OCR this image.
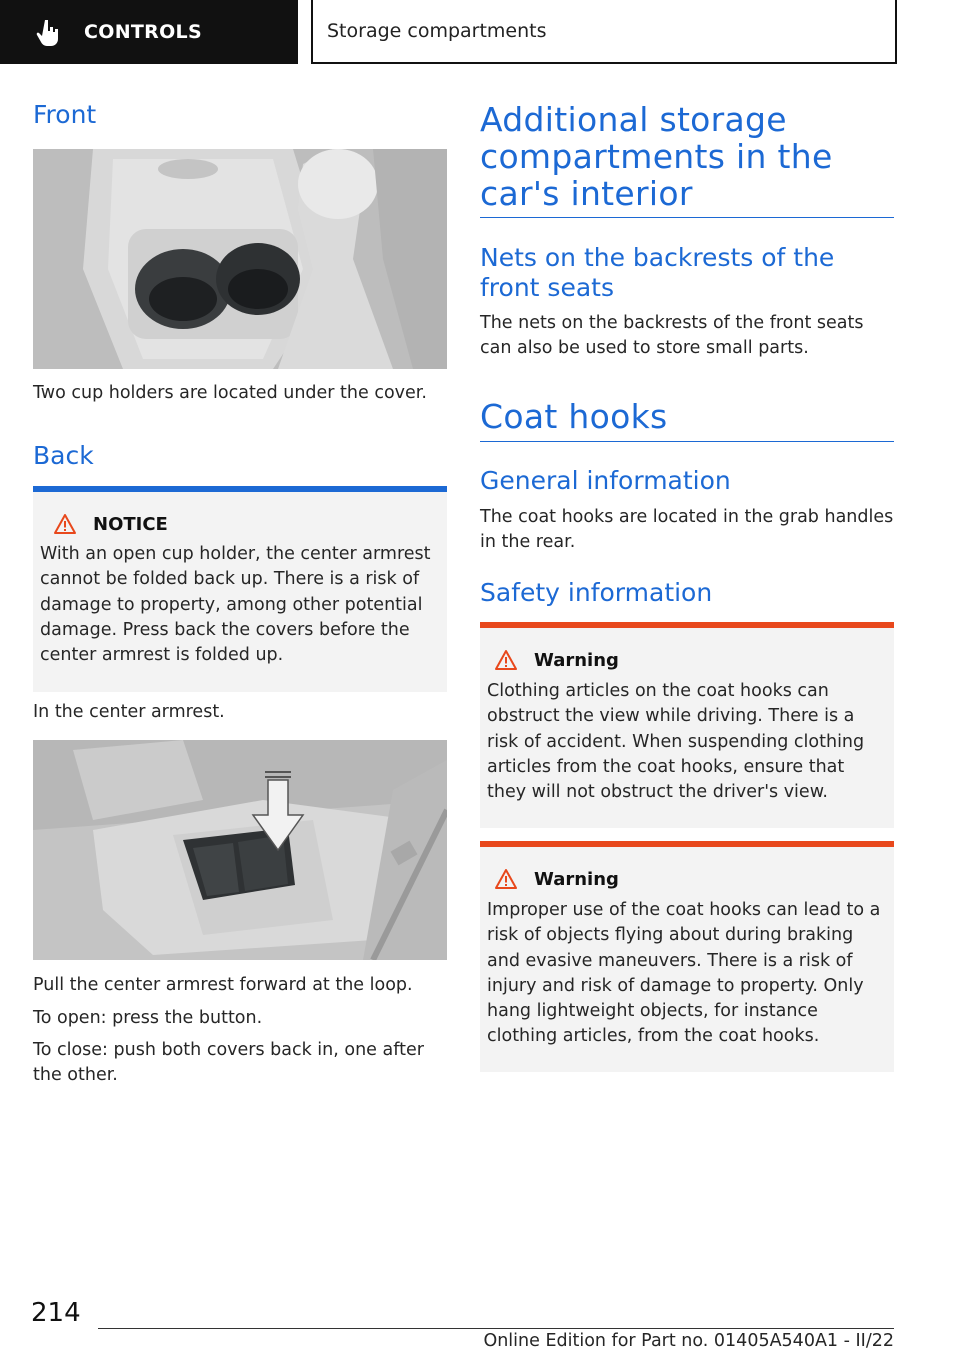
CONTROLS	Storage compartments
Front

Two cup holders are located under the cover.

Back
NOTICE
With an open cup holder, the center armrest cannot be folded back up. There is a risk of damage to property, among other potential damage. Press back the covers before the center armrest is folded up.

In the center armrest.

Pull the center armrest forward at the loop.

To open: press the button.

To close: push both covers back in, one after the other.

Additional storage compartments in the car's interior
Nets on the backrests of the front seats

The nets on the backrests of the front seats can also be used to store small parts.

Coat hooks
General information

The coat hooks are located in the grab handles in the rear.

Safety information
Warning
Clothing articles on the coat hooks can obstruct the view while driving. There is a risk of accident. When suspending clothing articles from the coat hooks, ensure that they will not obstruct the driver's view.
Warning
Improper use of the coat hooks can lead to a risk of objects flying about during braking and evasive maneuvers. There is a risk of injury and risk of damage to property. Only hang lightweight objects, for instance clothing articles, from the coat hooks.
214
Online Edition for Part no. 01405A540A1 - II/22
